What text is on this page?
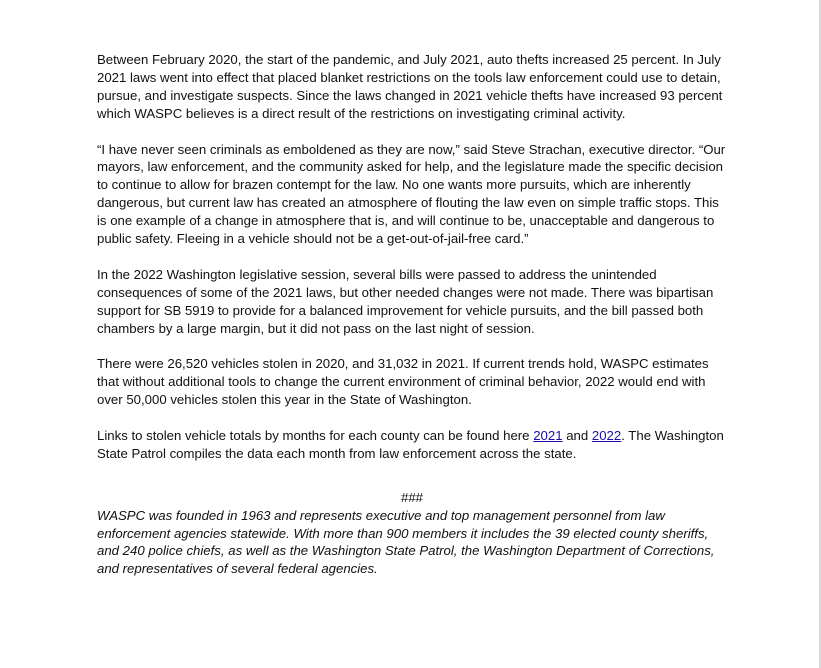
Between February 2020, the start of the pandemic, and July 2021, auto thefts increased 25 percent. In July 2021 laws went into effect that placed blanket restrictions on the tools law enforcement could use to detain, pursue, and investigate suspects. Since the laws changed in 2021 vehicle thefts have increased 93 percent which WASPC believes is a direct result of the restrictions on investigating criminal activity.

“I have never seen criminals as emboldened as they are now,” said Steve Strachan, executive director. “Our mayors, law enforcement, and the community asked for help, and the legislature made the specific decision to continue to allow for brazen contempt for the law. No one wants more pursuits, which are inherently dangerous, but current law has created an atmosphere of flouting the law even on simple traffic stops. This is one example of a change in atmosphere that is, and will continue to be, unacceptable and dangerous to public safety. Fleeing in a vehicle should not be a get-out-of-jail-free card.”

In the 2022 Washington legislative session, several bills were passed to address the unintended consequences of some of the 2021 laws, but other needed changes were not made. There was bipartisan support for SB 5919 to provide for a balanced improvement for vehicle pursuits, and the bill passed both chambers by a large margin, but it did not pass on the last night of session.

There were 26,520 vehicles stolen in 2020, and 31,032 in 2021. If current trends hold, WASPC estimates that without additional tools to change the current environment of criminal behavior, 2022 would end with over 50,000 vehicles stolen this year in the State of Washington.

Links to stolen vehicle totals by months for each county can be found here 2021 and 2022. The Washington State Patrol compiles the data each month from law enforcement across the state.

###

WASPC was founded in 1963 and represents executive and top management personnel from law enforcement agencies statewide. With more than 900 members it includes the 39 elected county sheriffs, and 240 police chiefs, as well as the Washington State Patrol, the Washington Department of Corrections, and representatives of several federal agencies.
